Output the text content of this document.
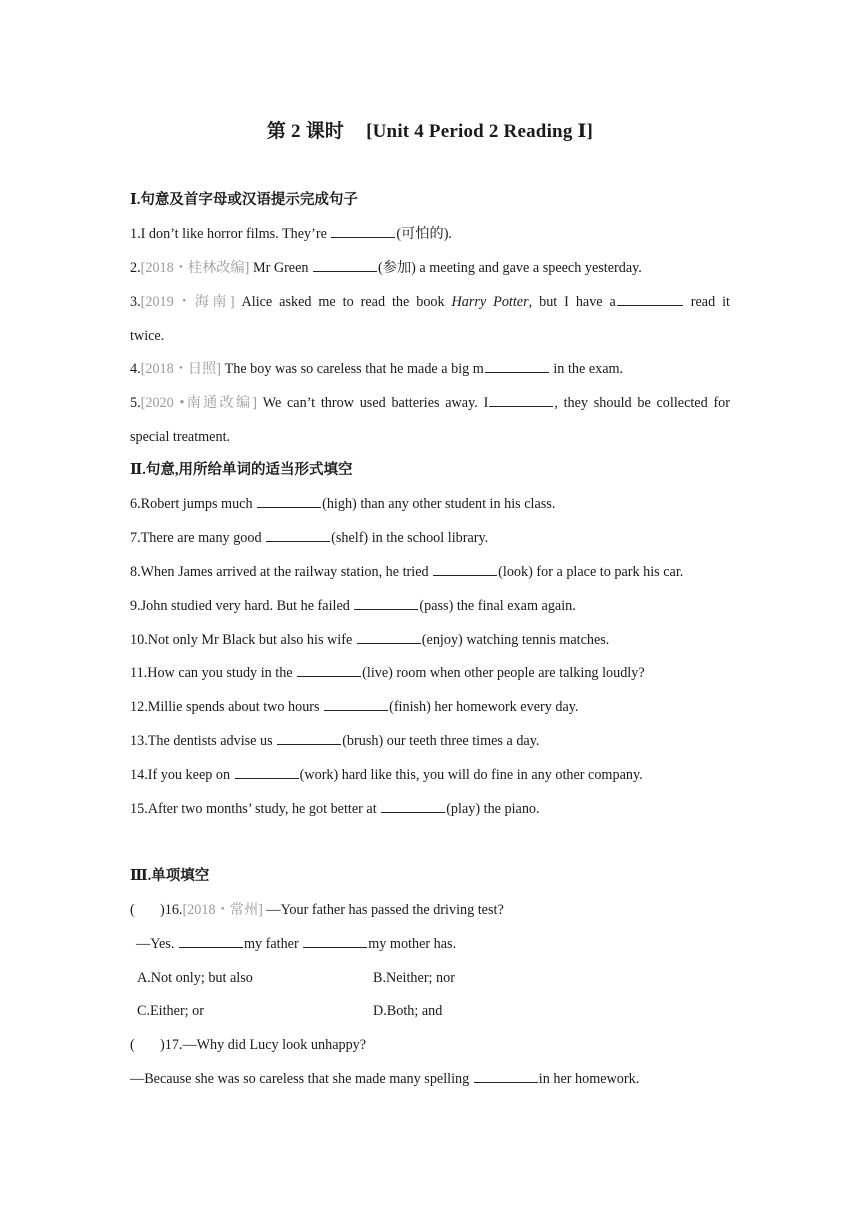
第 2 课时 [Unit 4 Period 2 Reading Ⅰ]
Ⅰ.句意及首字母或汉语提示完成句子
1.I don’t like horror films. They’re	(可怕的).
2.[2018・桂林改编] Mr Green	(参加) a meeting and gave a speech yesterday.
3.[2019・海南] Alice asked me to read the book Harry Potter, but I have a	read it
twice.
4.[2018・日照] The boy was so careless that he made a big m	in the exam.
5.[2020 •南通改编] We can’t throw used batteries away. I	, they should be collected for
special treatment.
Ⅱ.句意,用所给单词的适当形式填空
6.Robert jumps much	(high) than any other student in his class.
7.There are many good	(shelf) in the school library.
8.When James arrived at the railway station, he tried	(look) for a place to park his car.
9.John studied very hard. But he failed	(pass) the final exam again.
10.Not only Mr Black but also his wife	(enjoy) watching tennis matches.
11.How can you study in the	(live) room when other people are talking loudly?
12.Millie spends about two hours	(finish) her homework every day.
13.The dentists advise us	(brush) our teeth three times a day.
14.If you keep on	(work) hard like this, you will do fine in any other company.
15.After two months’ study, he got better at	(play) the piano.
Ⅲ.单项填空
( )16.[2018・常州] —Your father has passed the driving test?
—Yes.	my father	my mother has.
A.Not only; but also	B.Neither; nor
C.Either; or	D.Both; and
( )17.—Why did Lucy look unhappy?
—Because she was so careless that she made many spelling	in her homework.
